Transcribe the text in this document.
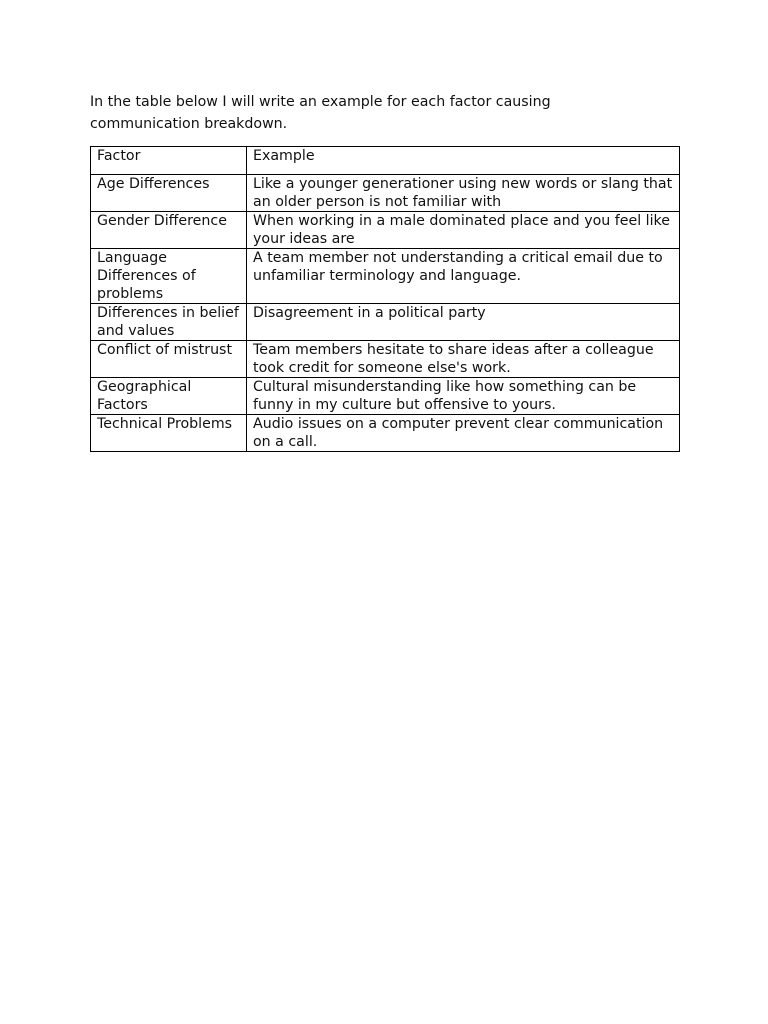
In the table below I will write an example for each factor causing communication breakdown.

Factor	Example
Age Differences	Like a younger generationer using new words or slang that an older person is not familiar with
Gender Difference	When working in a male dominated place and you feel like your ideas are
Language Differences of problems	A team member not understanding a critical email due to unfamiliar terminology and language.
Differences in belief and values	Disagreement in a political party
Conflict of mistrust	Team members hesitate to share ideas after a colleague took credit for someone else's work.
Geographical Factors	Cultural misunderstanding like how something can be funny in my culture but offensive to yours.
Technical Problems	Audio issues on a computer prevent clear communication on a call.
